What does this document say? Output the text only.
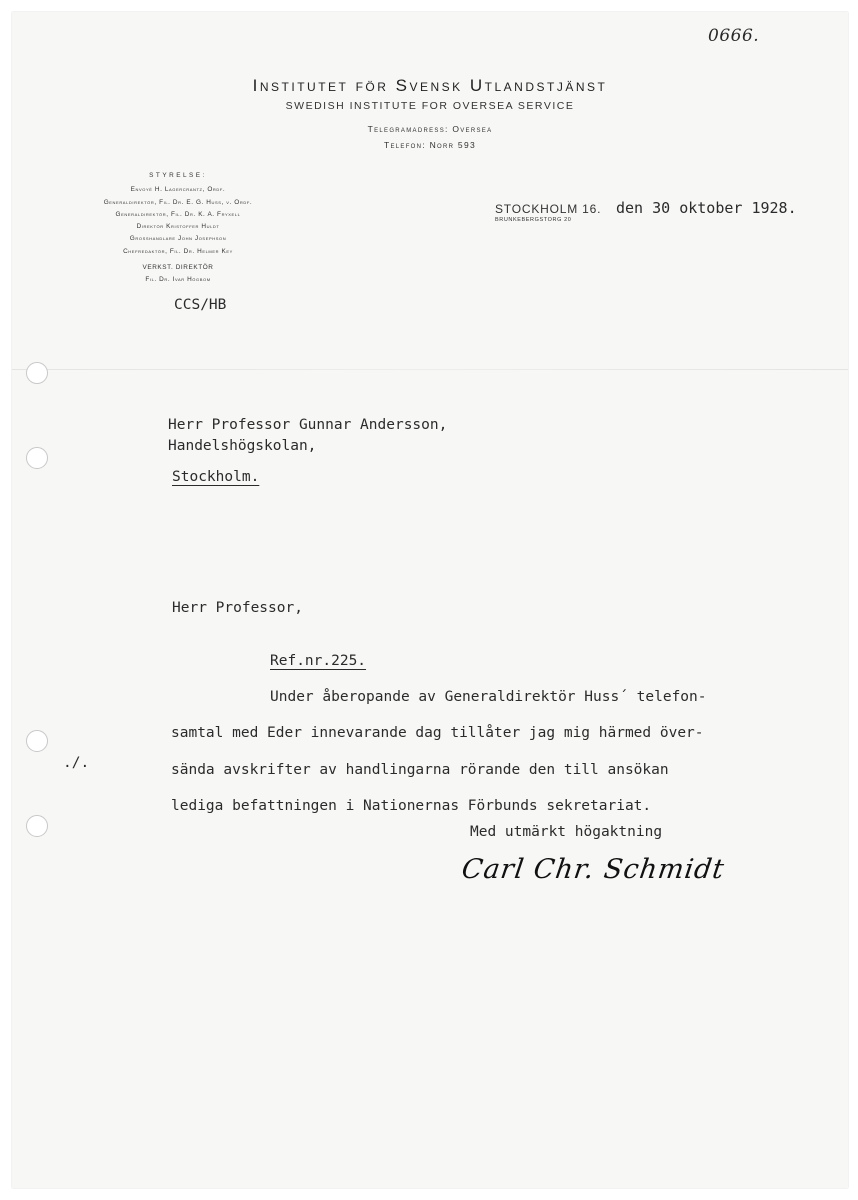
0666.
Institutet för Svensk Utlandstjänst
SWEDISH INSTITUTE FOR OVERSEA SERVICE
Telegramadress: Oversea
Telefon: Norr 593
STYRELSE:
Envoyé H. Lagercrantz, Ordf.
Generaldirektör, Fil. Dr. E. G. Huss, v. Ordf.
Generaldirektör, Fil. Dr. K. A. Fryxell
Direktör Kristoffer Huldt
Grosshandlare John Josephson
Chefredaktör, Fil. Dr. Helmer Key
VERKST. DIREKTÖR
Fil. Dr. Ivar Högbom
STOCKHOLM 16.
BRUNKEBERGSTORG 20
den 30 oktober 1928.
CCS/HB
Herr Professor Gunnar Andersson,
Handelshögskolan,
Stockholm.
Herr Professor,
Ref.nr.225.
Under åberopande av Generaldirektör Huss´ telefon-
samtal med Eder innevarande dag tillåter jag mig härmed över-
sända avskrifter av handlingarna rörande den till ansökan
lediga befattningen i Nationernas Förbunds sekretariat.
./.
Med utmärkt högaktning
Carl Chr. Schmidt
